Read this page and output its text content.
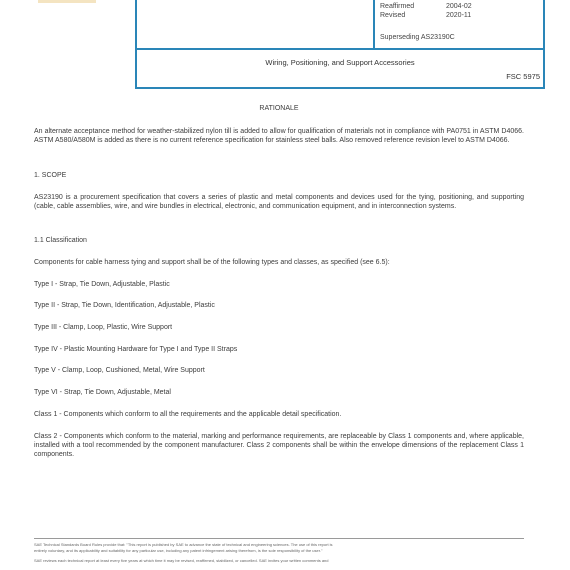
Reaffirmed	2004-02
Revised	2020-11
Superseding AS23190C
Wiring, Positioning, and Support Accessories
FSC 5975
RATIONALE
An alternate acceptance method for weather-stabilized nylon till is added to allow for qualification of materials not in compliance with PA0751 in ASTM D4066. ASTM A580/A580M is added as there is no current reference specification for stainless steel balls. Also removed reference revision level to ASTM D4066.
1. SCOPE
AS23190 is a procurement specification that covers a series of plastic and metal components and devices used for the tying, positioning, and supporting (cable, cable assemblies, wire, and wire bundles in electrical, electronic, and communication equipment, and in interconnection systems.
1.1 Classification
Components for cable harness tying and support shall be of the following types and classes, as specified (see 6.5):
Type I - Strap, Tie Down, Adjustable, Plastic
Type II - Strap, Tie Down, Identification, Adjustable, Plastic
Type III - Clamp, Loop, Plastic, Wire Support
Type IV - Plastic Mounting Hardware for Type I and Type II Straps
Type V - Clamp, Loop, Cushioned, Metal, Wire Support
Type VI - Strap, Tie Down, Adjustable, Metal
Class 1 - Components which conform to all the requirements and the applicable detail specification.
Class 2 - Components which conform to the material, marking and performance requirements, are replaceable by Class 1 components and, where applicable, installed with a tool recommended by the component manufacturer. Class 2 components shall be within the envelope dimensions of the replacement Class 1 components.
SAE Technical Standards Board Rules provide that: "This report is published by SAE to advance the state of technical and engineering sciences. The use of this report is
entirely voluntary, and its applicability and suitability for any particular use, including any patent infringement arising therefrom, is the sole responsibility of the user."
SAE reviews each technical report at least every five years at which time it may be revised, reaffirmed, stabilized, or cancelled. SAE invites your written comments and
